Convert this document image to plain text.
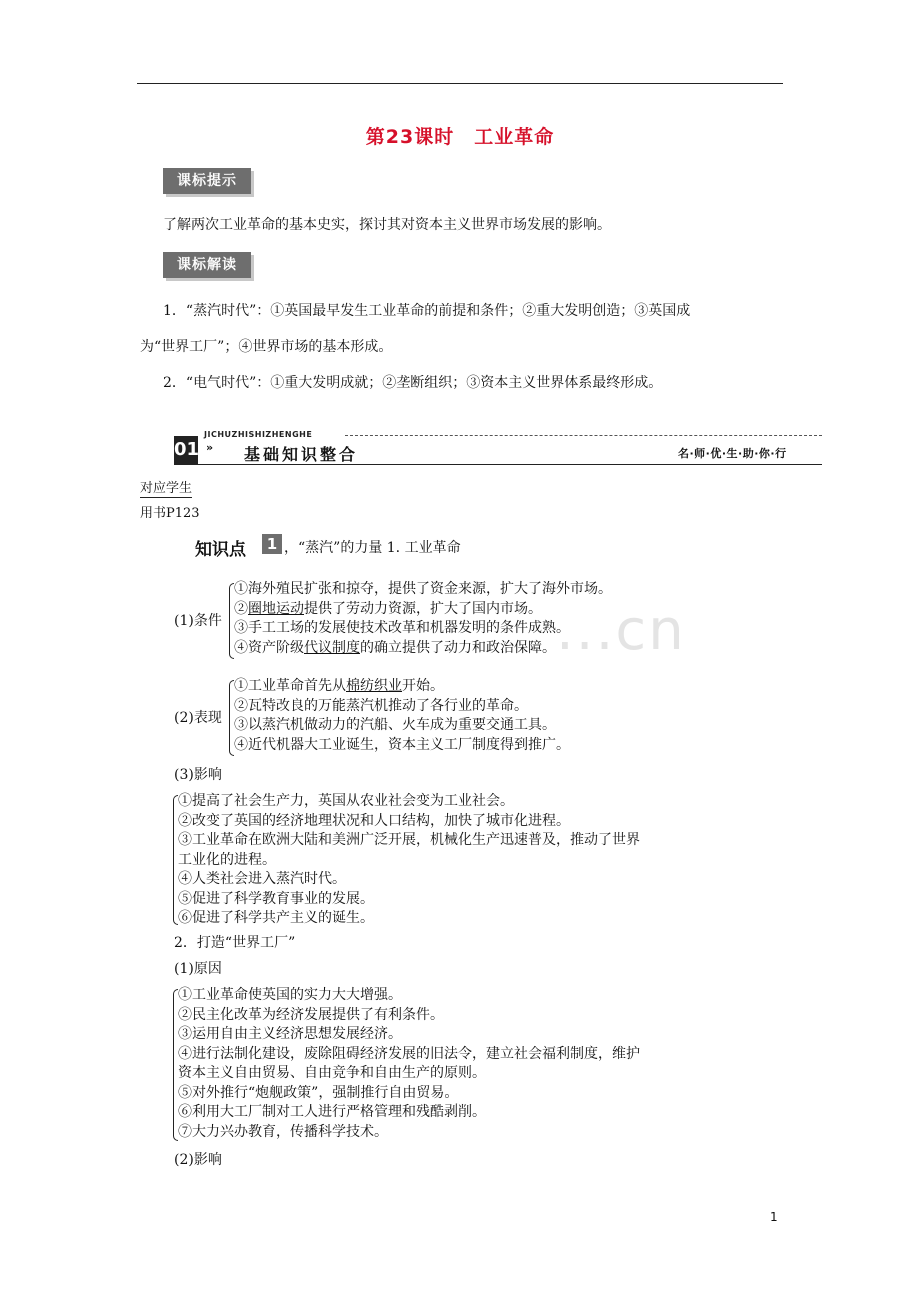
第23课时　工业革命
课标提示
了解两次工业革命的基本史实，探讨其对资本主义世界市场发展的影响。
课标解读
1．“蒸汽时代”：①英国最早发生工业革命的前提和条件；②重大发明创造；③英国成
为“世界工厂”；④世界市场的基本形成。
2．“电气时代”：①重大发明成就；②垄断组织；③资本主义世界体系最终形成。
01
JICHUZHISHIZHENGHE
» 基础知识整合	名·师·优·生·助·你·行
对应学生
用书P123
...cn
知识点	1 ，“蒸汽”的力量 1. 工业革命
(1)条件
①海外殖民扩张和掠夺，提供了资金来源，扩大了海外市场。
②圈地运动提供了劳动力资源，扩大了国内市场。
③手工工场的发展使技术改革和机器发明的条件成熟。
④资产阶级代议制度的确立提供了动力和政治保障。
(2)表现
①工业革命首先从棉纺织业开始。
②瓦特改良的万能蒸汽机推动了各行业的革命。
③以蒸汽机做动力的汽船、火车成为重要交通工具。
④近代机器大工业诞生，资本主义工厂制度得到推广。
(3)影响
①提高了社会生产力，英国从农业社会变为工业社会。
②改变了英国的经济地理状况和人口结构，加快了城市化进程。
③工业革命在欧洲大陆和美洲广泛开展，机械化生产迅速普及，推动了世界
工业化的进程。
④人类社会进入蒸汽时代。
⑤促进了科学教育事业的发展。
⑥促进了科学共产主义的诞生。
2．打造“世界工厂”
(1)原因
①工业革命使英国的实力大大增强。
②民主化改革为经济发展提供了有利条件。
③运用自由主义经济思想发展经济。
④进行法制化建设，废除阻碍经济发展的旧法令，建立社会福利制度，维护
资本主义自由贸易、自由竞争和自由生产的原则。
⑤对外推行“炮舰政策”，强制推行自由贸易。
⑥利用大工厂制对工人进行严格管理和残酷剥削。
⑦大力兴办教育，传播科学技术。
(2)影响
1
